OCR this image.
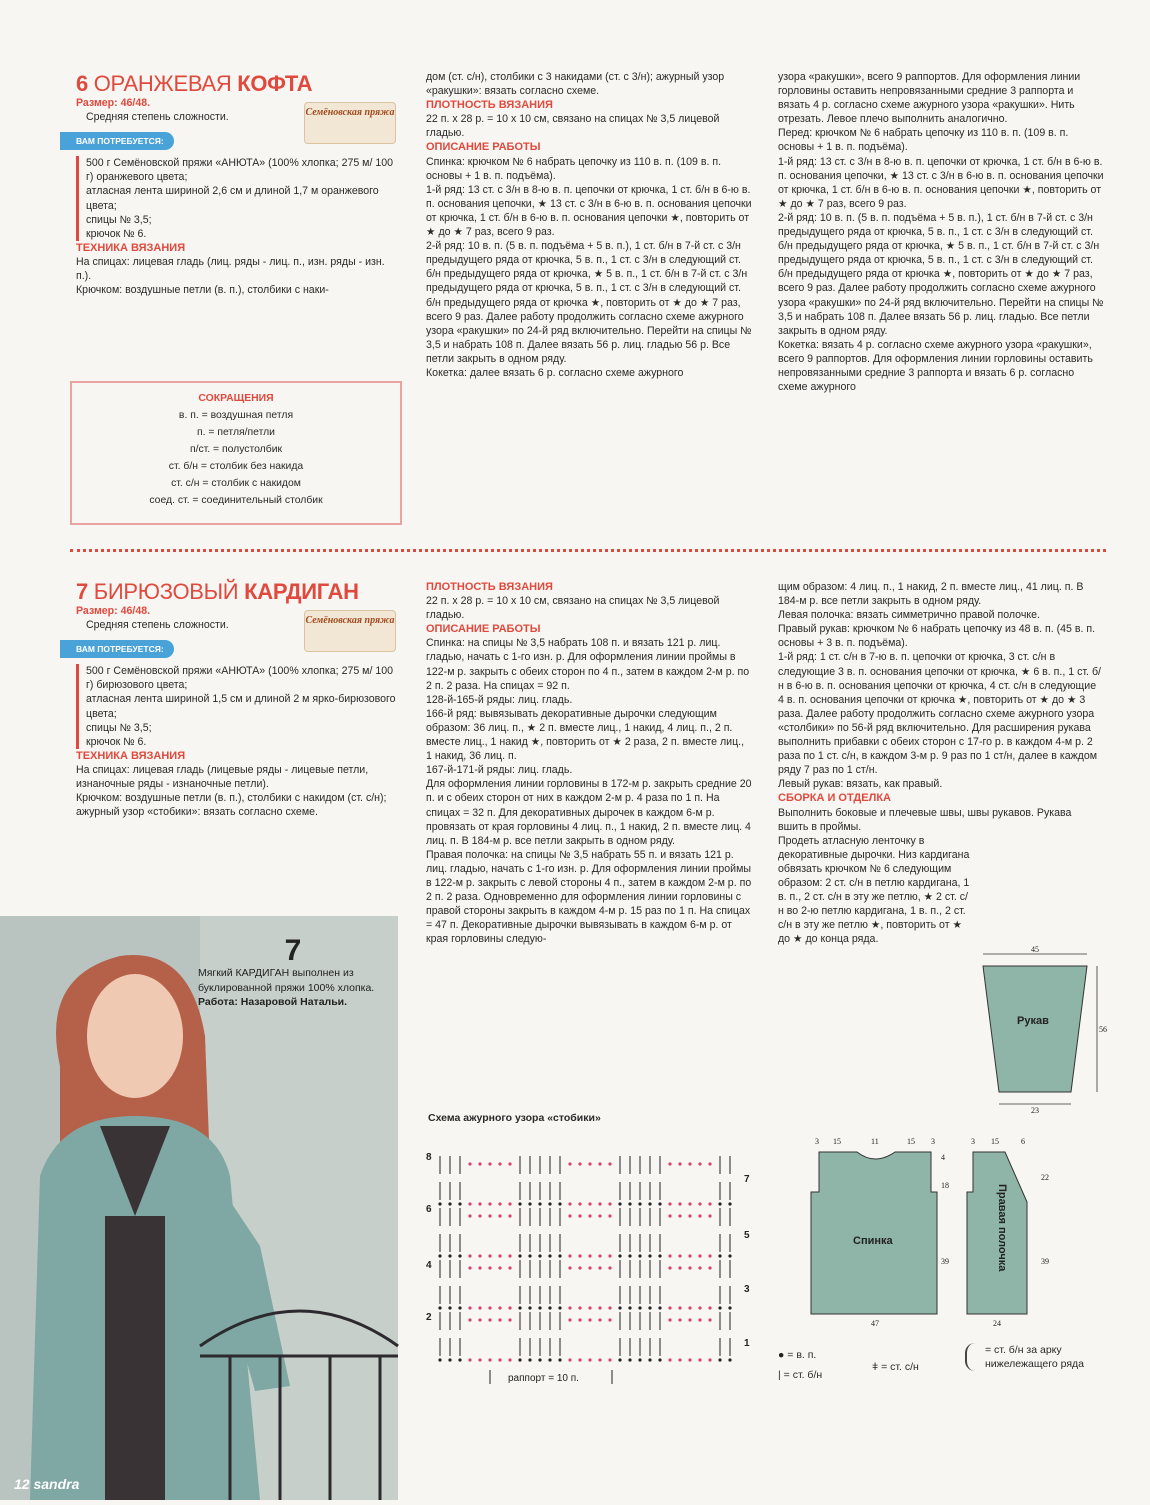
6 ОРАНЖЕВАЯ КОФТА

Размер: 46/48.

Средняя степень сложности.

ВАМ ПОТРЕБУЕТСЯ:

500 г Семёновской пряжи «АНЮТА» (100% хлопка; 275 м/ 100 г) оранжевого цвета;

атласная лента шириной 2,6 см и длиной 1,7 м оранжевого цвета;

спицы № 3,5;

крючок № 6.

ТЕХНИКА ВЯЗАНИЯ

На спицах: лицевая гладь (лиц. ряды - лиц. п., изн. ряды - изн. п.).

Крючком: воздушные петли (в. п.), столбики с наки-

Семёновская пряжа
СОКРАЩЕНИЯ
в. п. = воздушная петля
п. = петля/петли
п/ст. = полустолбик
ст. б/н = столбик без накида
ст. с/н = столбик с накидом
соед. ст. = соединительный столбик

дом (ст. с/н), столбики с 3 накидами (ст. с 3/н); ажурный узор «ракушки»: вязать согласно схеме.

ПЛОТНОСТЬ ВЯЗАНИЯ

22 п. х 28 р. = 10 х 10 см, связано на спицах № 3,5 лицевой гладью.

ОПИСАНИЕ РАБОТЫ

Спинка: крючком № 6 набрать цепочку из 110 в. п. (109 в. п. основы + 1 в. п. подъёма).

1-й ряд: 13 ст. с 3/н в 8-ю в. п. цепочки от крючка, 1 ст. б/н в 6-ю в. п. основания цепочки, ★ 13 ст. с 3/н в 6-ю в. п. основания цепочки от крючка, 1 ст. б/н в 6-ю в. п. основания цепочки ★, повторить от ★ до ★ 7 раз, всего 9 раз.

2-й ряд: 10 в. п. (5 в. п. подъёма + 5 в. п.), 1 ст. б/н в 7-й ст. с 3/н предыдущего ряда от крючка, 5 в. п., 1 ст. с 3/н в следующий ст. б/н предыдущего ряда от крючка, ★ 5 в. п., 1 ст. б/н в 7-й ст. с 3/н предыдущего ряда от крючка, 5 в. п., 1 ст. с 3/н в следующий ст. б/н предыдущего ряда от крючка ★, повторить от ★ до ★ 7 раз, всего 9 раз. Далее работу продолжить согласно схеме ажурного узора «ракушки» по 24-й ряд включительно. Перейти на спицы № 3,5 и набрать 108 п. Далее вязать 56 р. лиц. гладью 56 р. Все петли закрыть в одном ряду.

Кокетка: далее вязать 6 р. согласно схеме ажурного

узора «ракушки», всего 9 раппортов. Для оформления линии горловины оставить непровязанными средние 3 раппорта и вязать 4 р. согласно схеме ажурного узора «ракушки». Нить отрезать. Левое плечо выполнить аналогично.

Перед: крючком № 6 набрать цепочку из 110 в. п. (109 в. п. основы + 1 в. п. подъёма).

1-й ряд: 13 ст. с 3/н в 8-ю в. п. цепочки от крючка, 1 ст. б/н в 6-ю в. п. основания цепочки, ★ 13 ст. с 3/н в 6-ю в. п. основания цепочки от крючка, 1 ст. б/н в 6-ю в. п. основания цепочки ★, повторить от ★ до ★ 7 раз, всего 9 раз.

2-й ряд: 10 в. п. (5 в. п. подъёма + 5 в. п.), 1 ст. б/н в 7-й ст. с 3/н предыдущего ряда от крючка, 5 в. п., 1 ст. с 3/н в следующий ст. б/н предыдущего ряда от крючка, ★ 5 в. п., 1 ст. б/н в 7-й ст. с 3/н предыдущего ряда от крючка, 5 в. п., 1 ст. с 3/н в следующий ст. б/н предыдущего ряда от крючка ★, повторить от ★ до ★ 7 раз, всего 9 раз. Далее работу продолжить согласно схеме ажурного узора «ракушки» по 24-й ряд включительно. Перейти на спицы № 3,5 и набрать 108 п. Далее вязать 56 р. лиц. гладью. Все петли закрыть в одном ряду.

Кокетка: вязать 4 р. согласно схеме ажурного узора «ракушки», всего 9 раппортов. Для оформления линии горловины оставить непровязанными средние 3 раппорта и вязать 6 р. согласно схеме ажурного

7 БИРЮЗОВЫЙ КАРДИГАН

Размер: 46/48.

Средняя степень сложности.

ВАМ ПОТРЕБУЕТСЯ:

500 г Семёновской пряжи «АНЮТА» (100% хлопка; 275 м/ 100 г) бирюзового цвета;

атласная лента шириной 1,5 см и длиной 2 м ярко-бирюзового цвета;

спицы № 3,5;

крючок № 6.

ТЕХНИКА ВЯЗАНИЯ

На спицах: лицевая гладь (лицевые ряды - лицевые петли, изнаночные ряды - изнаночные петли).

Крючком: воздушные петли (в. п.), столбики с накидом (ст. с/н);

ажурный узор «стобики»: вязать согласно схеме.

Семёновская пряжа
7

Мягкий КАРДИГАН выполнен из буклированной пряжи 100% хлопка.

Работа: Назаровой Натальи.

12 sandra

ПЛОТНОСТЬ ВЯЗАНИЯ

22 п. х 28 р. = 10 х 10 см, связано на спицах № 3,5 лицевой гладью.

ОПИСАНИЕ РАБОТЫ

Спинка: на спицы № 3,5 набрать 108 п. и вязать 121 р. лиц. гладью, начать с 1-го изн. р. Для оформления линии проймы в 122-м р. закрыть с обеих сторон по 4 п., затем в каждом 2-м р. по 2 п. 2 раза. На спицах = 92 п.

128-й-165-й ряды: лиц. гладь.

166-й ряд: вывязывать декоративные дырочки следующим образом: 36 лиц. п., ★ 2 п. вместе лиц., 1 накид, 4 лиц. п., 2 п. вместе лиц., 1 накид ★, повторить от ★ 2 раза, 2 п. вместе лиц., 1 накид, 36 лиц. п.

167-й-171-й ряды: лиц. гладь.

Для оформления линии горловины в 172-м р. закрыть средние 20 п. и с обеих сторон от них в каждом 2-м р. 4 раза по 1 п. На спицах = 32 п. Для декоративных дырочек в каждом 6-м р. провязать от края горловины 4 лиц. п., 1 накид, 2 п. вместе лиц. 4 лиц. п. В 184-м р. все петли закрыть в одном ряду.

Правая полочка: на спицы № 3,5 набрать 55 п. и вязать 121 р. лиц. гладью, начать с 1-го изн. р. Для оформления линии проймы в 122-м р. закрыть с левой стороны 4 п., затем в каждом 2-м р. по 2 п. 2 раза. Одновременно для оформления линии горловины с правой стороны закрыть в каждом 4-м р. 15 раз по 1 п. На спицах = 47 п. Декоративные дырочки вывязывать в каждом 6-м р. от края горловины следую-

Схема ажурного узора «стобики»
8
6
4
2
7
5
3
1
раппорт = 10 п.
● = в. п.
| = ст. б/н
ǂ = ст. с/н
= ст. б/н за арку нижележащего ряда

щим образом: 4 лиц. п., 1 накид, 2 п. вместе лиц., 41 лиц. п. В 184-м р. все петли закрыть в одном ряду.

Левая полочка: вязать симметрично правой полочке.

Правый рукав: крючком № 6 набрать цепочку из 48 в. п. (45 в. п. основы + 3 в. п. подъёма).

1-й ряд: 1 ст. с/н в 7-ю в. п. цепочки от крючка, 3 ст. с/н в следующие 3 в. п. основания цепочки от крючка, ★ 6 в. п., 1 ст. б/н в 6-ю в. п. основания цепочки от крючка, 4 ст. с/н в следующие 4 в. п. основания цепочки от крючка ★, повторить от ★ до ★ 3 раза. Далее работу продолжить согласно схеме ажурного узора «столбики» по 56-й ряд включительно. Для расширения рукава выполнить прибавки с обеих сторон с 17-го р. в каждом 4-м р. 2 раза по 1 ст. с/н, в каждом 3-м р. 9 раз по 1 ст/н, далее в каждом ряду 7 раз по 1 ст/н.

Левый рукав: вязать, как правый.

СБОРКА И ОТДЕЛКА

Выполнить боковые и плечевые швы, швы рукавов. Рукава вшить в проймы.

Продеть атласную ленточку в декоративные дырочки. Низ кардигана обвязать крючком № 6 следующим образом: 2 ст. с/н в петлю кардигана, 1 в. п., 2 ст. с/н в эту же петлю, ★ 2 ст. с/н во 2-ю петлю кардигана, 1 в. п., 2 ст. с/н в эту же петлю ★, повторить от ★ до ★ до конца ряда.

45
23
56
Рукав
3 15	11	15 3
47
4
18
39
3 15	6
24
22
39
Спинка	Правая полочка
